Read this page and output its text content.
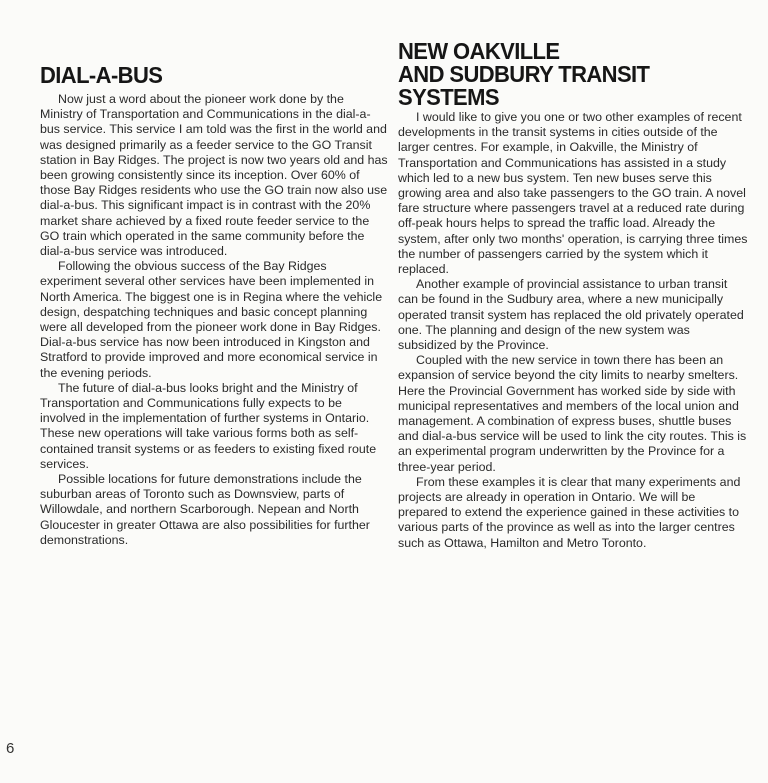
DIAL-A-BUS

Now just a word about the pioneer work done by the Ministry of Transportation and Communications in the dial-a-bus service. This service I am told was the first in the world and was designed primarily as a feeder service to the GO Transit station in Bay Ridges. The project is now two years old and has been growing consistently since its inception. Over 60% of those Bay Ridges residents who use the GO train now also use dial-a-bus. This significant impact is in contrast with the 20% market share achieved by a fixed route feeder service to the GO train which operated in the same community before the dial-a-bus service was introduced.

Following the obvious success of the Bay Ridges experiment several other services have been implemented in North America. The biggest one is in Regina where the vehicle design, despatching techniques and basic concept planning were all developed from the pioneer work done in Bay Ridges. Dial-a-bus service has now been introduced in Kingston and Stratford to provide improved and more economical service in the evening periods.

The future of dial-a-bus looks bright and the Ministry of Transportation and Communications fully expects to be involved in the implementation of further systems in Ontario. These new operations will take various forms both as self-contained transit systems or as feeders to existing fixed route services.

Possible locations for future demonstrations include the suburban areas of Toronto such as Downsview, parts of Willowdale, and northern Scarborough. Nepean and North Gloucester in greater Ottawa are also possibilities for further demonstrations.

NEW OAKVILLE
AND SUDBURY TRANSIT SYSTEMS

I would like to give you one or two other examples of recent developments in the transit systems in cities outside of the larger centres. For example, in Oakville, the Ministry of Transportation and Communications has assisted in a study which led to a new bus system. Ten new buses serve this growing area and also take passengers to the GO train. A novel fare structure where passengers travel at a reduced rate during off-peak hours helps to spread the traffic load. Already the system, after only two months' operation, is carrying three times the number of passengers carried by the system which it replaced.

Another example of provincial assistance to urban transit can be found in the Sudbury area, where a new municipally operated transit system has replaced the old privately operated one. The planning and design of the new system was subsidized by the Province.

Coupled with the new service in town there has been an expansion of service beyond the city limits to nearby smelters. Here the Provincial Government has worked side by side with municipal representatives and members of the local union and management. A combination of express buses, shuttle buses and dial-a-bus service will be used to link the city routes. This is an experimental program underwritten by the Province for a three-year period.

From these examples it is clear that many experiments and projects are already in operation in Ontario. We will be prepared to extend the experience gained in these activities to various parts of the province as well as into the larger centres such as Ottawa, Hamilton and Metro Toronto.

6
